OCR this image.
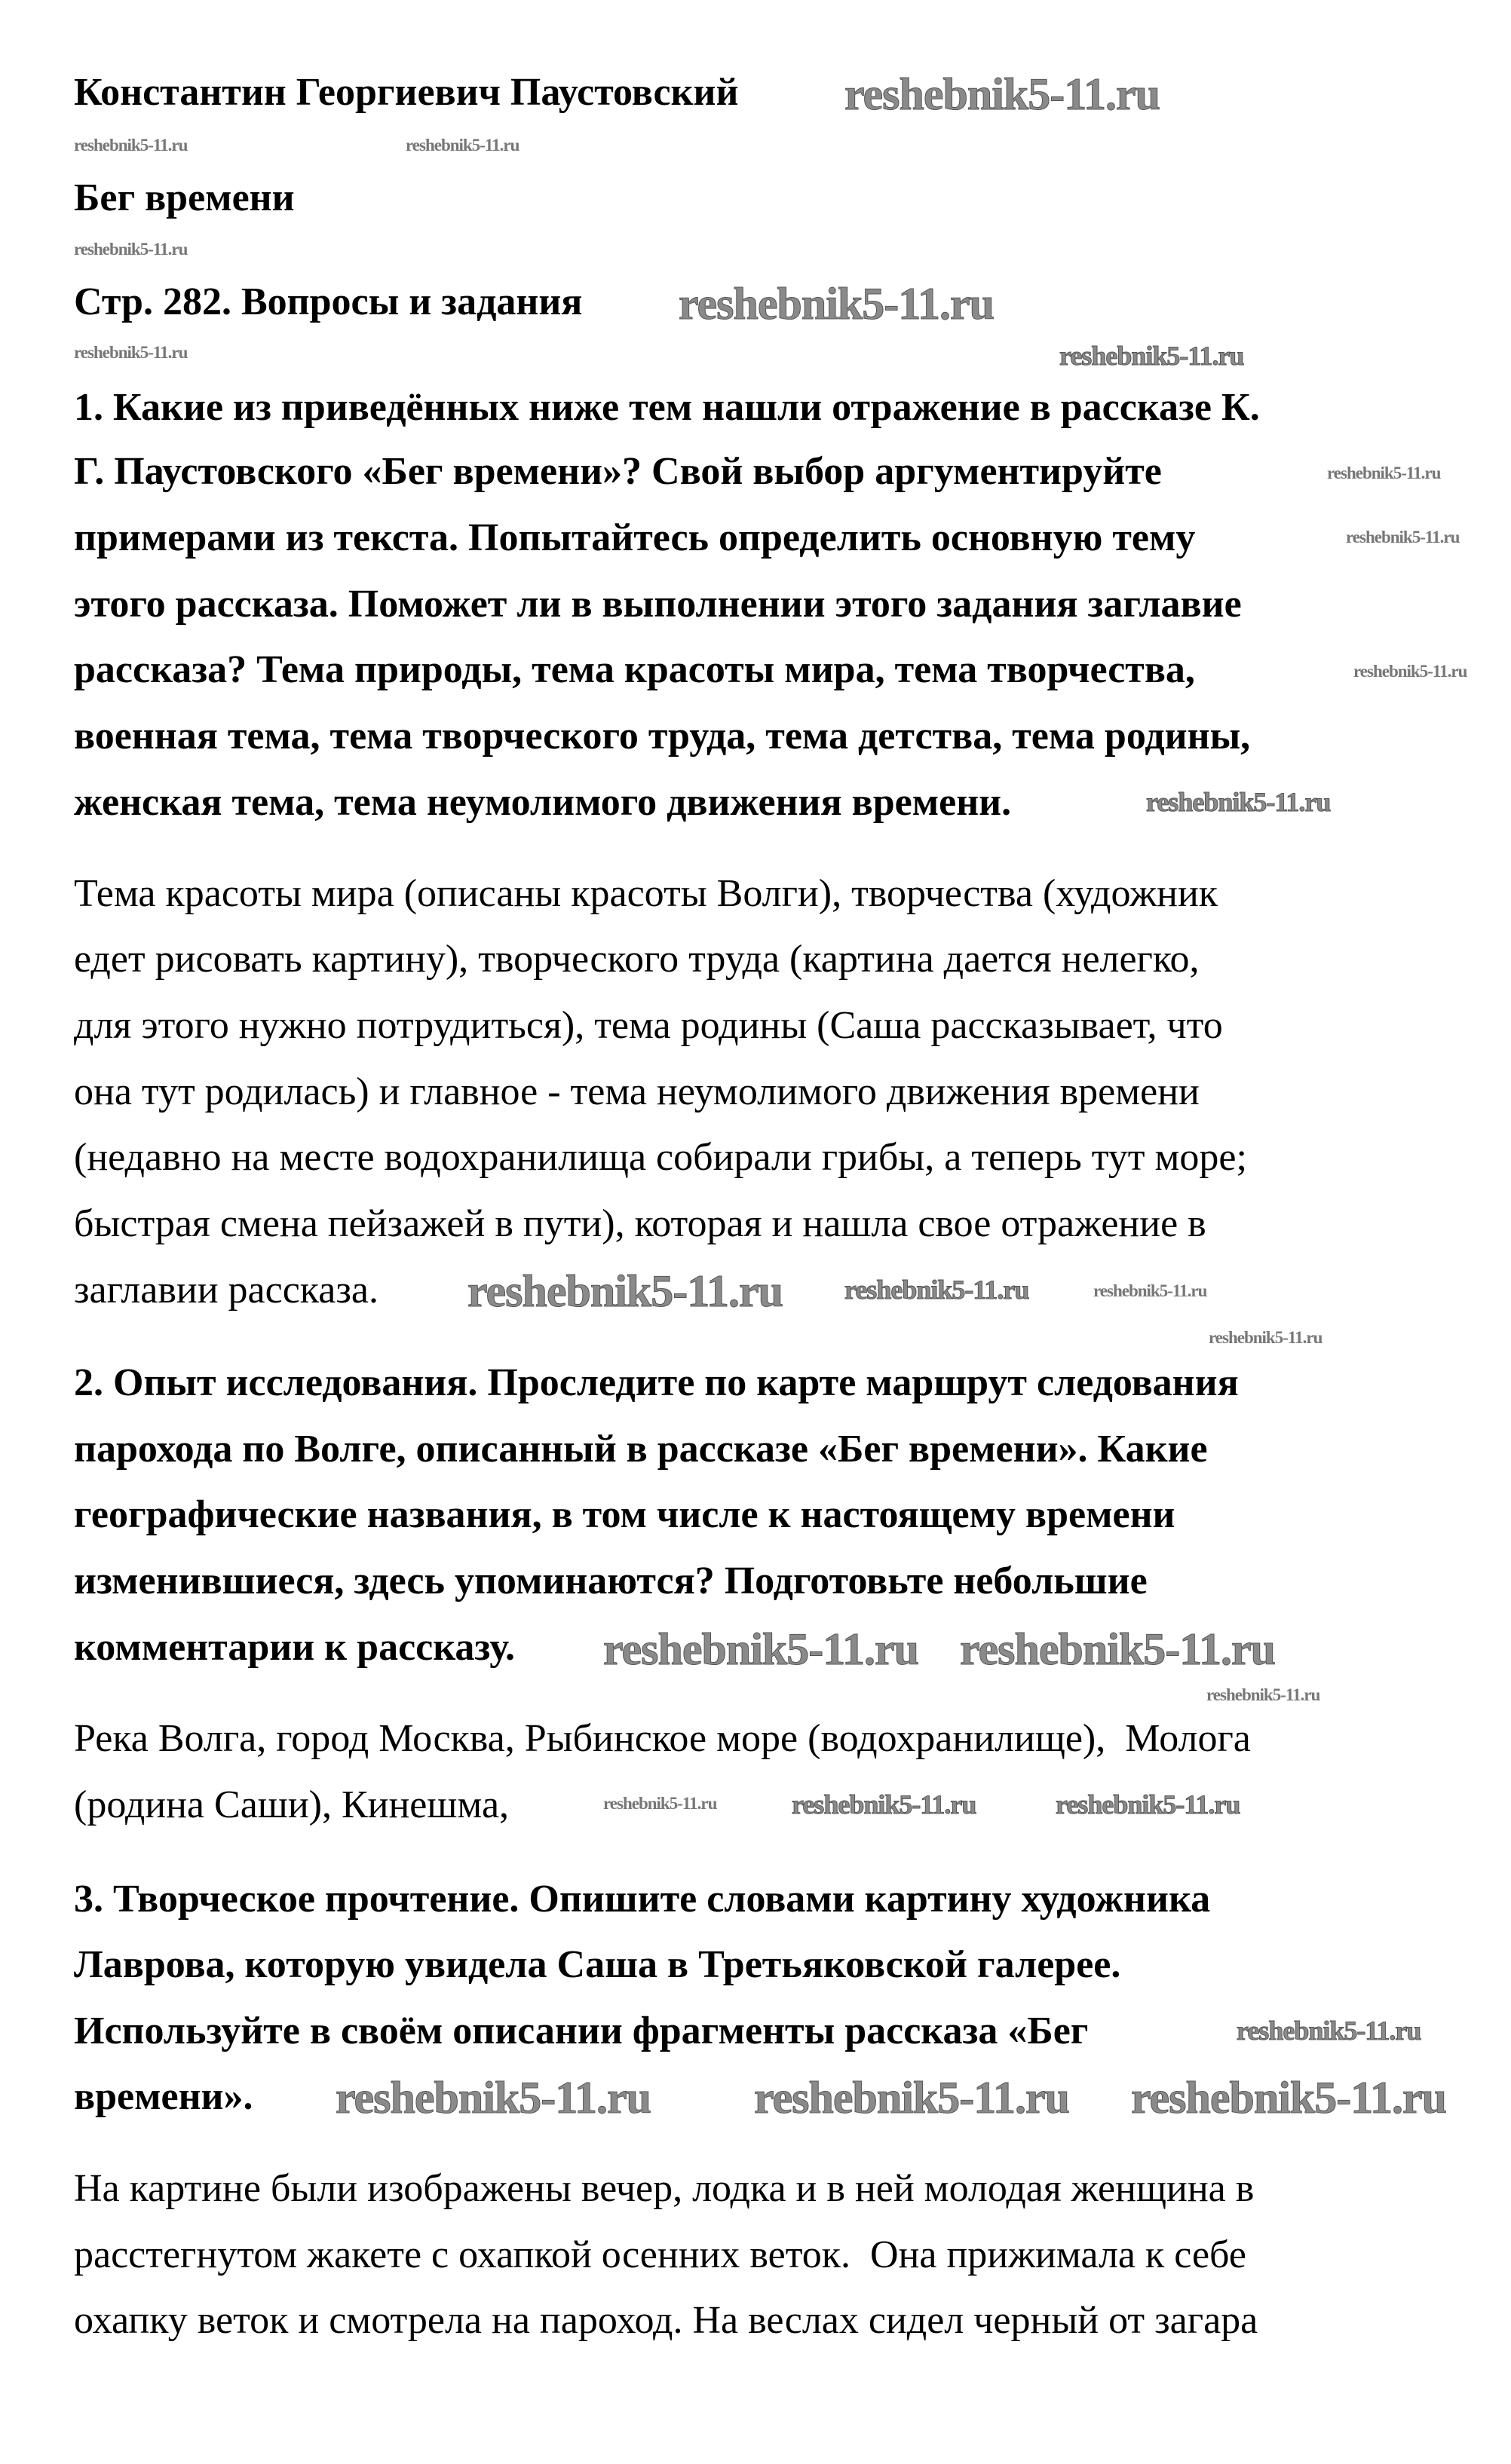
reshebnik5-11.ru
reshebnik5-11.ru
reshebnik5-11.ru
reshebnik5-11.ru
reshebnik5-11.ru
reshebnik5-11.ru
reshebnik5-11.ru
reshebnik5-11.ru
reshebnik5-11.ru
reshebnik5-11.ru
reshebnik5-11.ru
reshebnik5-11.ru
reshebnik5-11.ru	reshebnik5-11.ru
reshebnik5-11.ru	reshebnik5-11.ru	reshebnik5-11.ru
reshebnik5-11.ru
reshebnik5-11.ru
reshebnik5-11.ru
reshebnik5-11.ru
reshebnik5-11.ru
reshebnik5-11.ru
reshebnik5-11.ru reshebnik5-11.ru
Константин Георгиевич Паустовский
Бег времени
Стр. 282. Вопросы и задания
1. Какие из приведённых ниже тем нашли отражение в рассказе К.
Г. Паустовского «Бег времени»? Свой выбор аргументируйте
примерами из текста. Попытайтесь определить основную тему
этого рассказа. Поможет ли в выполнении этого задания заглавие
рассказа? Тема природы, тема красоты мира, тема творчества,
военная тема, тема творческого труда, тема детства, тема родины,
женская тема, тема неумолимого движения времени.
Тема красоты мира (описаны красоты Волги), творчества (художник
едет рисовать картину), творческого труда (картина дается нелегко,
для этого нужно потрудиться), тема родины (Саша рассказывает, что
она тут родилась) и главное - тема неумолимого движения времени
(недавно на месте водохранилища собирали грибы, а теперь тут море;
быстрая смена пейзажей в пути), которая и нашла свое отражение в
заглавии рассказа.
2. Опыт исследования. Проследите по карте маршрут следования
парохода по Волге, описанный в рассказе «Бег времени». Какие
географические названия, в том числе к настоящему времени
изменившиеся, здесь упоминаются? Подготовьте небольшие
комментарии к рассказу.
Река Волга, город Москва, Рыбинское море (водохранилище),  Молога
(родина Саши), Кинешма,
3. Творческое прочтение. Опишите словами картину художника
Лаврова, которую увидела Саша в Третьяковской галерее.
Используйте в своём описании фрагменты рассказа «Бег
времени».
На картине были изображены вечер, лодка и в ней молодая женщина в
расстегнутом жакете с охапкой осенних веток.  Она прижимала к себе
охапку веток и смотрела на пароход. На веслах сидел черный от загара
